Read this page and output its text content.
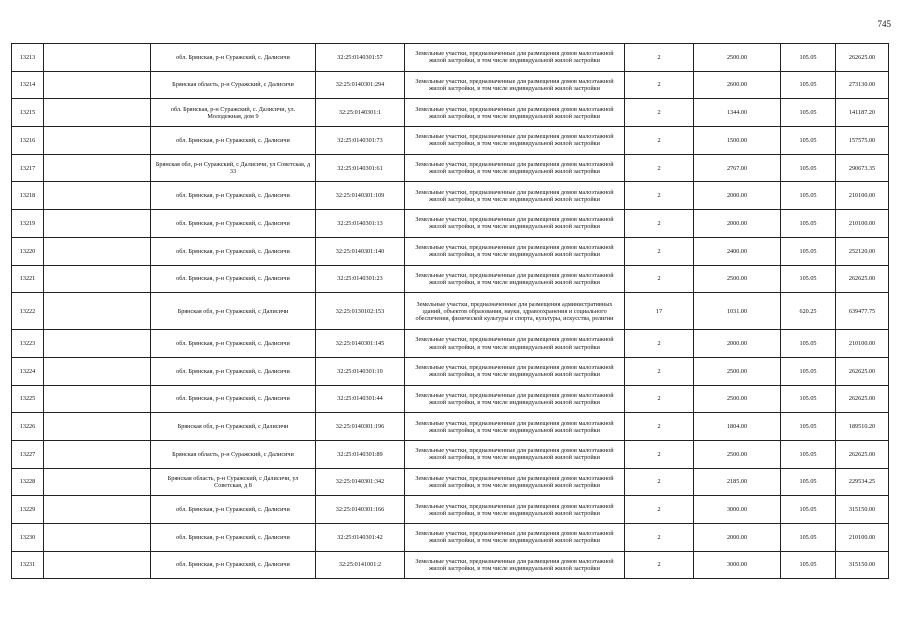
745
13213		обл. Брянская, р-н Суражский, с. Далисичи	32:25:0140301:57	Земельные участки, предназначенные для размещения домов малоэтажной жилой застройки, в том числе индивидуальной жилой застройки	2	2500.00	105.05	262625.00
13214		Брянская область, р-н Суражский, с Далисичи	32:25:0140301:294	Земельные участки, предназначенные для размещения домов малоэтажной жилой застройки, в том числе индивидуальной жилой застройки	2	2600.00	105.05	273130.00
13215		обл. Брянская, р-н Суражский, с. Далисичи, ул. Молодежная, дом 9	32:25:0140301:1	Земельные участки, предназначенные для размещения домов малоэтажной жилой застройки, в том числе индивидуальной жилой застройки	2	1344.00	105.05	141187.20
13216		обл. Брянская, р-н Суражский, с. Далисичи	32:25:0140301:73	Земельные участки, предназначенные для размещения домов малоэтажной жилой застройки, в том числе индивидуальной жилой застройки	2	1500.00	105.05	157575.00
13217		Брянская обл, р-н Суражский, с Далисичи, ул Советская, д 33	32:25:0140301:61	Земельные участки, предназначенные для размещения домов малоэтажной жилой застройки, в том числе индивидуальной жилой застройки	2	2767.00	105.05	290673.35
13218		обл. Брянская, р-н Суражский, с. Далисичи	32:25:0140301:109	Земельные участки, предназначенные для размещения домов малоэтажной жилой застройки, в том числе индивидуальной жилой застройки	2	2000.00	105.05	210100.00
13219		обл. Брянская, р-н Суражский, с. Далисичи	32:25:0140301:13	Земельные участки, предназначенные для размещения домов малоэтажной жилой застройки, в том числе индивидуальной жилой застройки	2	2000.00	105.05	210100.00
13220		обл. Брянская, р-н Суражский, с. Далисичи	32:25:0140301:140	Земельные участки, предназначенные для размещения домов малоэтажной жилой застройки, в том числе индивидуальной жилой застройки	2	2400.00	105.05	252120.00
13221		обл. Брянская, р-н Суражский, с. Далисичи	32:25:0140301:23	Земельные участки, предназначенные для размещения домов малоэтажной жилой застройки, в том числе индивидуальной жилой застройки	2	2500.00	105.05	262625.00
13222		Брянская обл, р-н Суражский, с Далисичи	32:25:0130102:153	Земельные участки, предназначенные для размещения административных зданий, объектов образования, науки, здравоохранения и социального обеспечения, физической культуры и спорта, культуры, искусства, религии	17	1031.00	620.25	639477.75
13223		обл. Брянская, р-н Суражский, с. Далисичи	32:25:0140301:145	Земельные участки, предназначенные для размещения домов малоэтажной жилой застройки, в том числе индивидуальной жилой застройки	2	2000.00	105.05	210100.00
13224		обл. Брянская, р-н Суражский, с. Далисичи	32:25:0140301:10	Земельные участки, предназначенные для размещения домов малоэтажной жилой застройки, в том числе индивидуальной жилой застройки	2	2500.00	105.05	262625.00
13225		обл. Брянская, р-н Суражский, с. Далисичи	32:25:0140301:44	Земельные участки, предназначенные для размещения домов малоэтажной жилой застройки, в том числе индивидуальной жилой застройки	2	2500.00	105.05	262625.00
13226		Брянская обл, р-н Суражский, с Далисичи	32:25:0140301:196	Земельные участки, предназначенные для размещения домов малоэтажной жилой застройки, в том числе индивидуальной жилой застройки	2	1804.00	105.05	189510.20
13227		Брянская область, р-н Суражский, с Далисичи	32:25:0140301:89	Земельные участки, предназначенные для размещения домов малоэтажной жилой застройки, в том числе индивидуальной жилой застройки	2	2500.00	105.05	262625.00
13228		Брянская область, р-н Суражский, с Далисичи, ул Советская, д 8	32:25:0140301:342	Земельные участки, предназначенные для размещения домов малоэтажной жилой застройки, в том числе индивидуальной жилой застройки	2	2185.00	105.05	229534.25
13229		обл. Брянская, р-н Суражский, с. Далисичи	32:25:0140301:166	Земельные участки, предназначенные для размещения домов малоэтажной жилой застройки, в том числе индивидуальной жилой застройки	2	3000.00	105.05	315150.00
13230		обл. Брянская, р-н Суражский, с. Далисичи	32:25:0140301:42	Земельные участки, предназначенные для размещения домов малоэтажной жилой застройки, в том числе индивидуальной жилой застройки	2	2000.00	105.05	210100.00
13231		обл. Брянская, р-н Суражский, с. Далисичи	32:25:0141001:2	Земельные участки, предназначенные для размещения домов малоэтажной жилой застройки, в том числе индивидуальной жилой застройки	2	3000.00	105.05	315150.00
